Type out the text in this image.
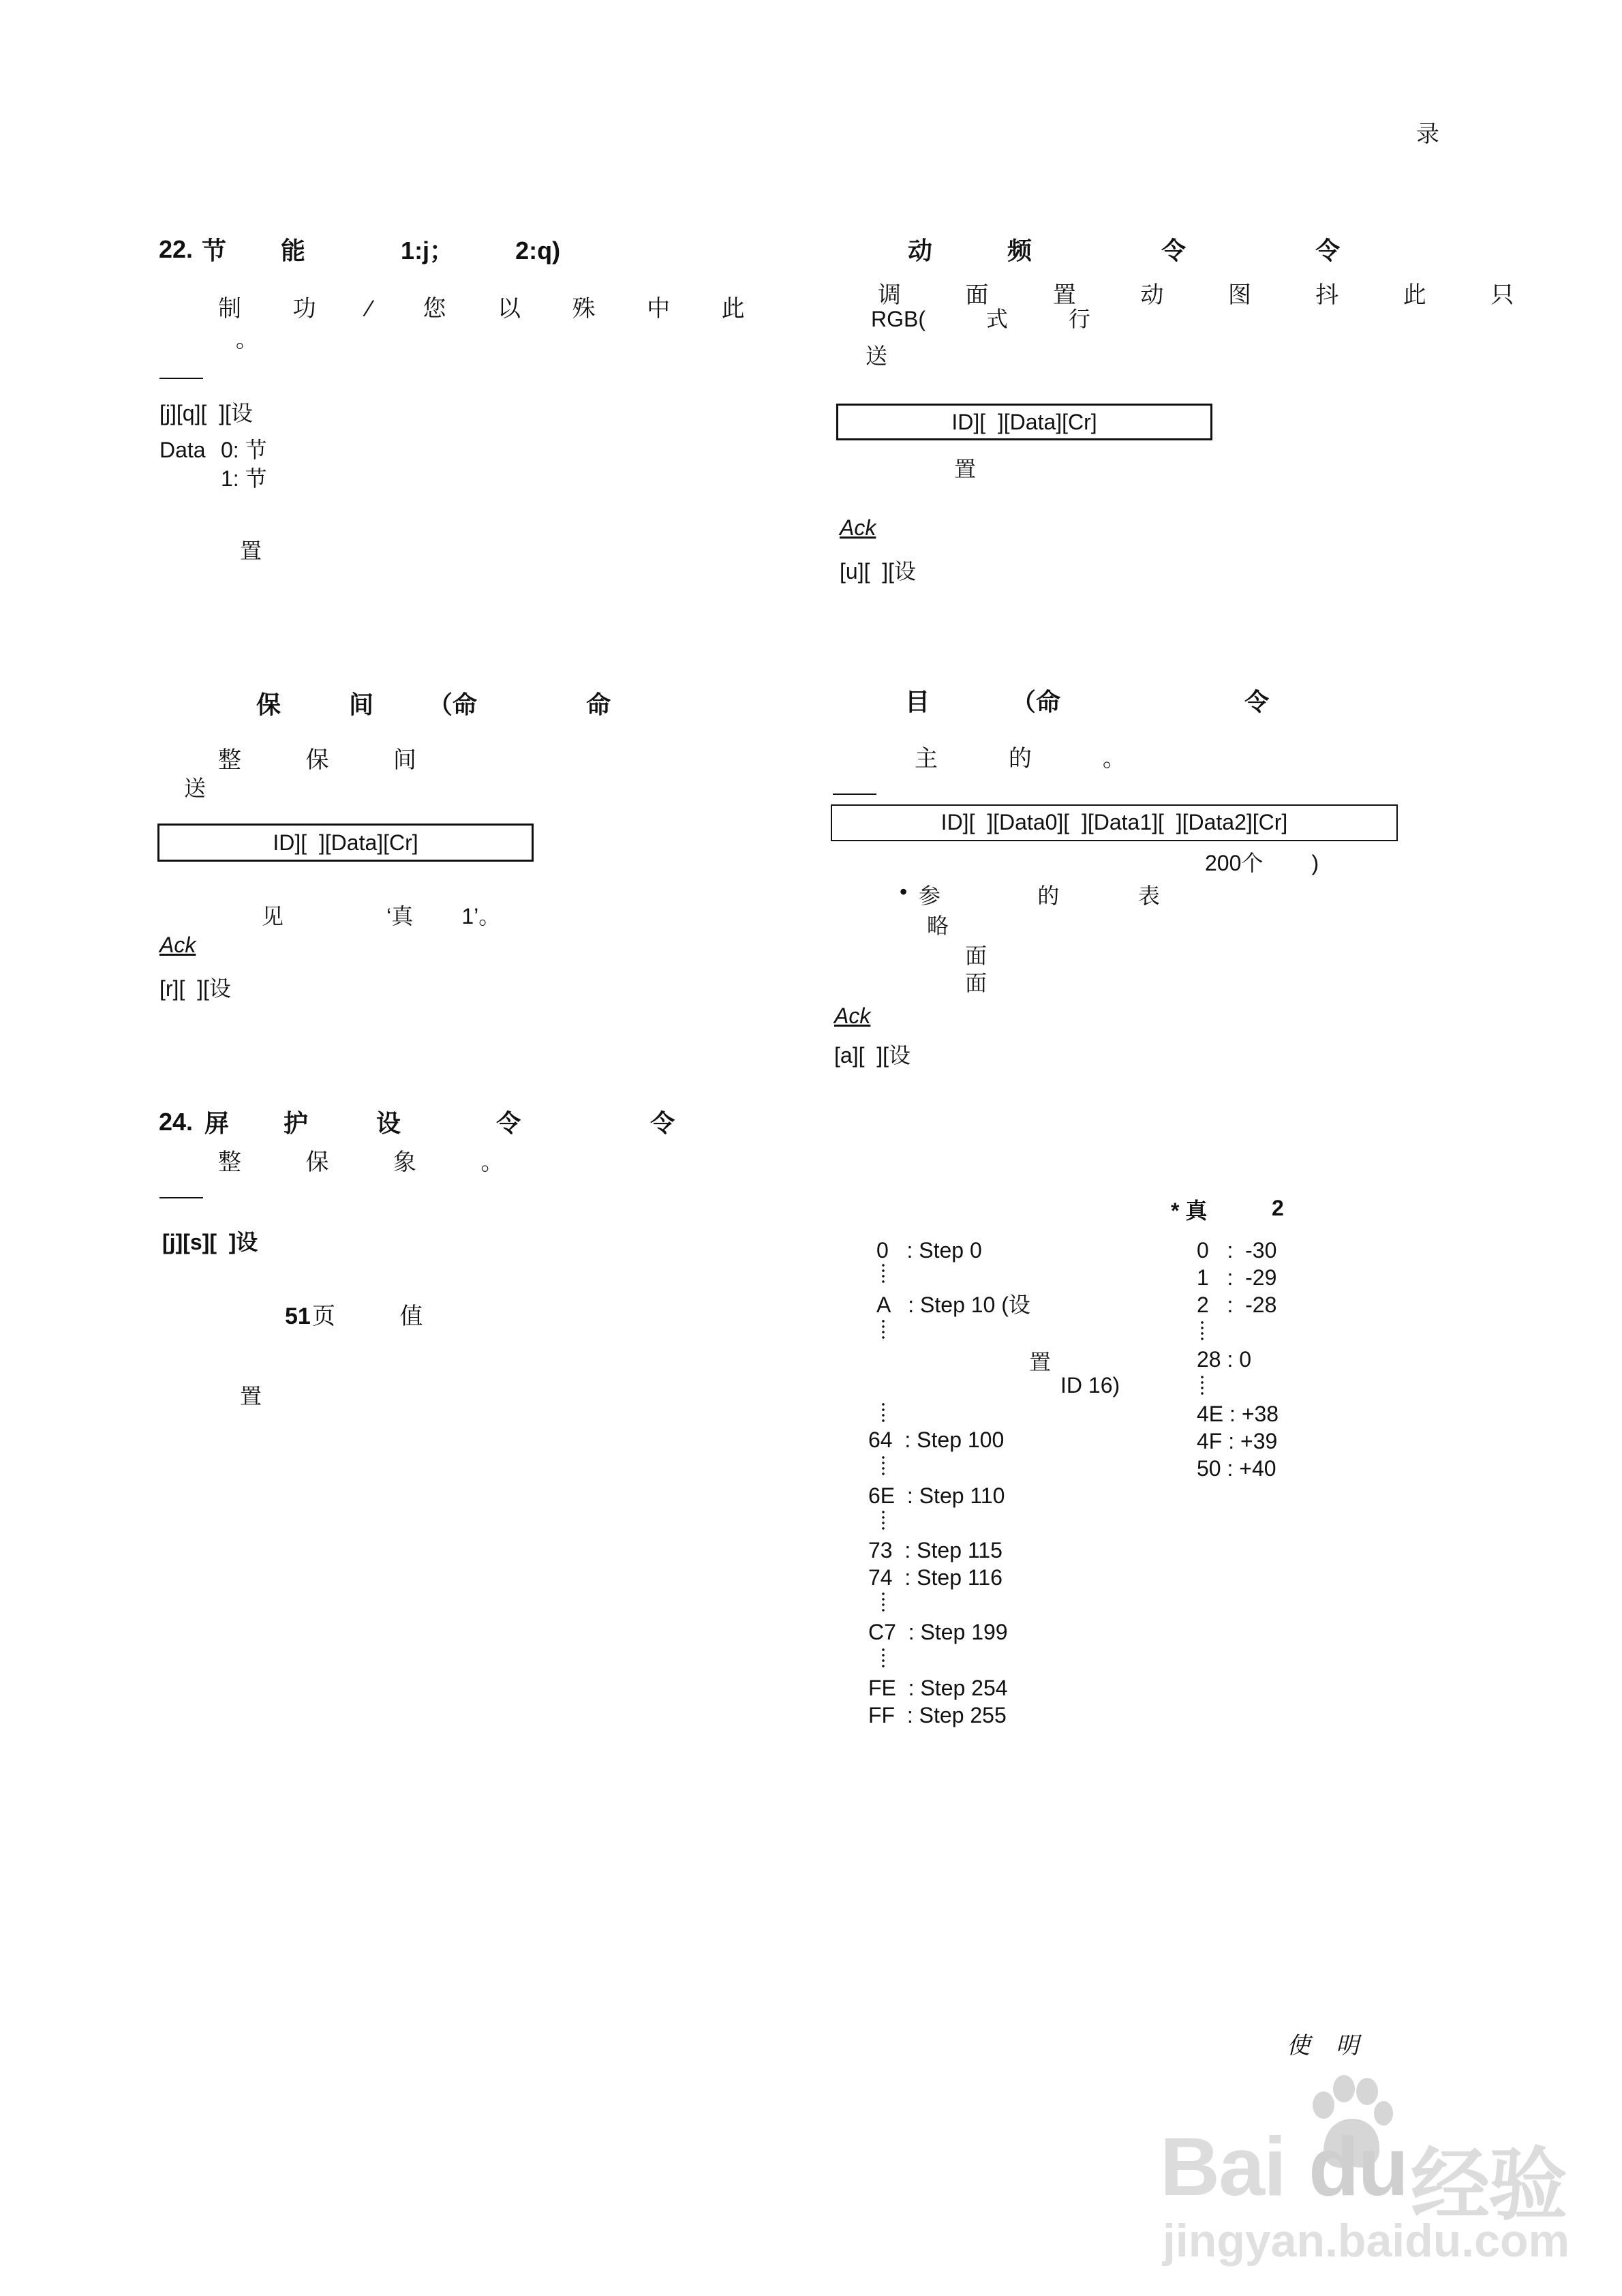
录
22. 节        能              1:j；         2:q)
制        功        ⁄        您        以        殊        中        此
。
[j][q][  ][设
Data 0: 节
1: 节
置
保          间        （命                命
整          保          间
送
ID][  ][Data][Cr]
见                 ‘真        1’。
Ack
[r][  ][设
24. 屏        护          设              令                   令
整          保          象          。
[j][s][  ]设
51 页          值
置
动           频                   令                   令
调          面          置          动          图          抖          此          只
RGB(          式          行
送
ID][  ][Data][Cr]
置
Ack
[u][  ][设
目            （命                           令
主           的           。
ID][  ][Data0][  ][Data1][  ][Data2][Cr]
200个        )
• 参                的             表
略
面
面
Ack
[a][  ][设
0   : Step 0
A   : Step 10 (设
置
ID 16)
64  : Step 100
6E  : Step 110
73  : Step 115
74  : Step 116
C7  : Step 199
FE  : Step 254
FF  : Step 255
* 真	2
0   :  -30
1   :  -29
2   :  -28
28 : 0
4E : +38
4F : +39
50 : +40
使    明
Bai du 经验
jingyan.baidu.com
